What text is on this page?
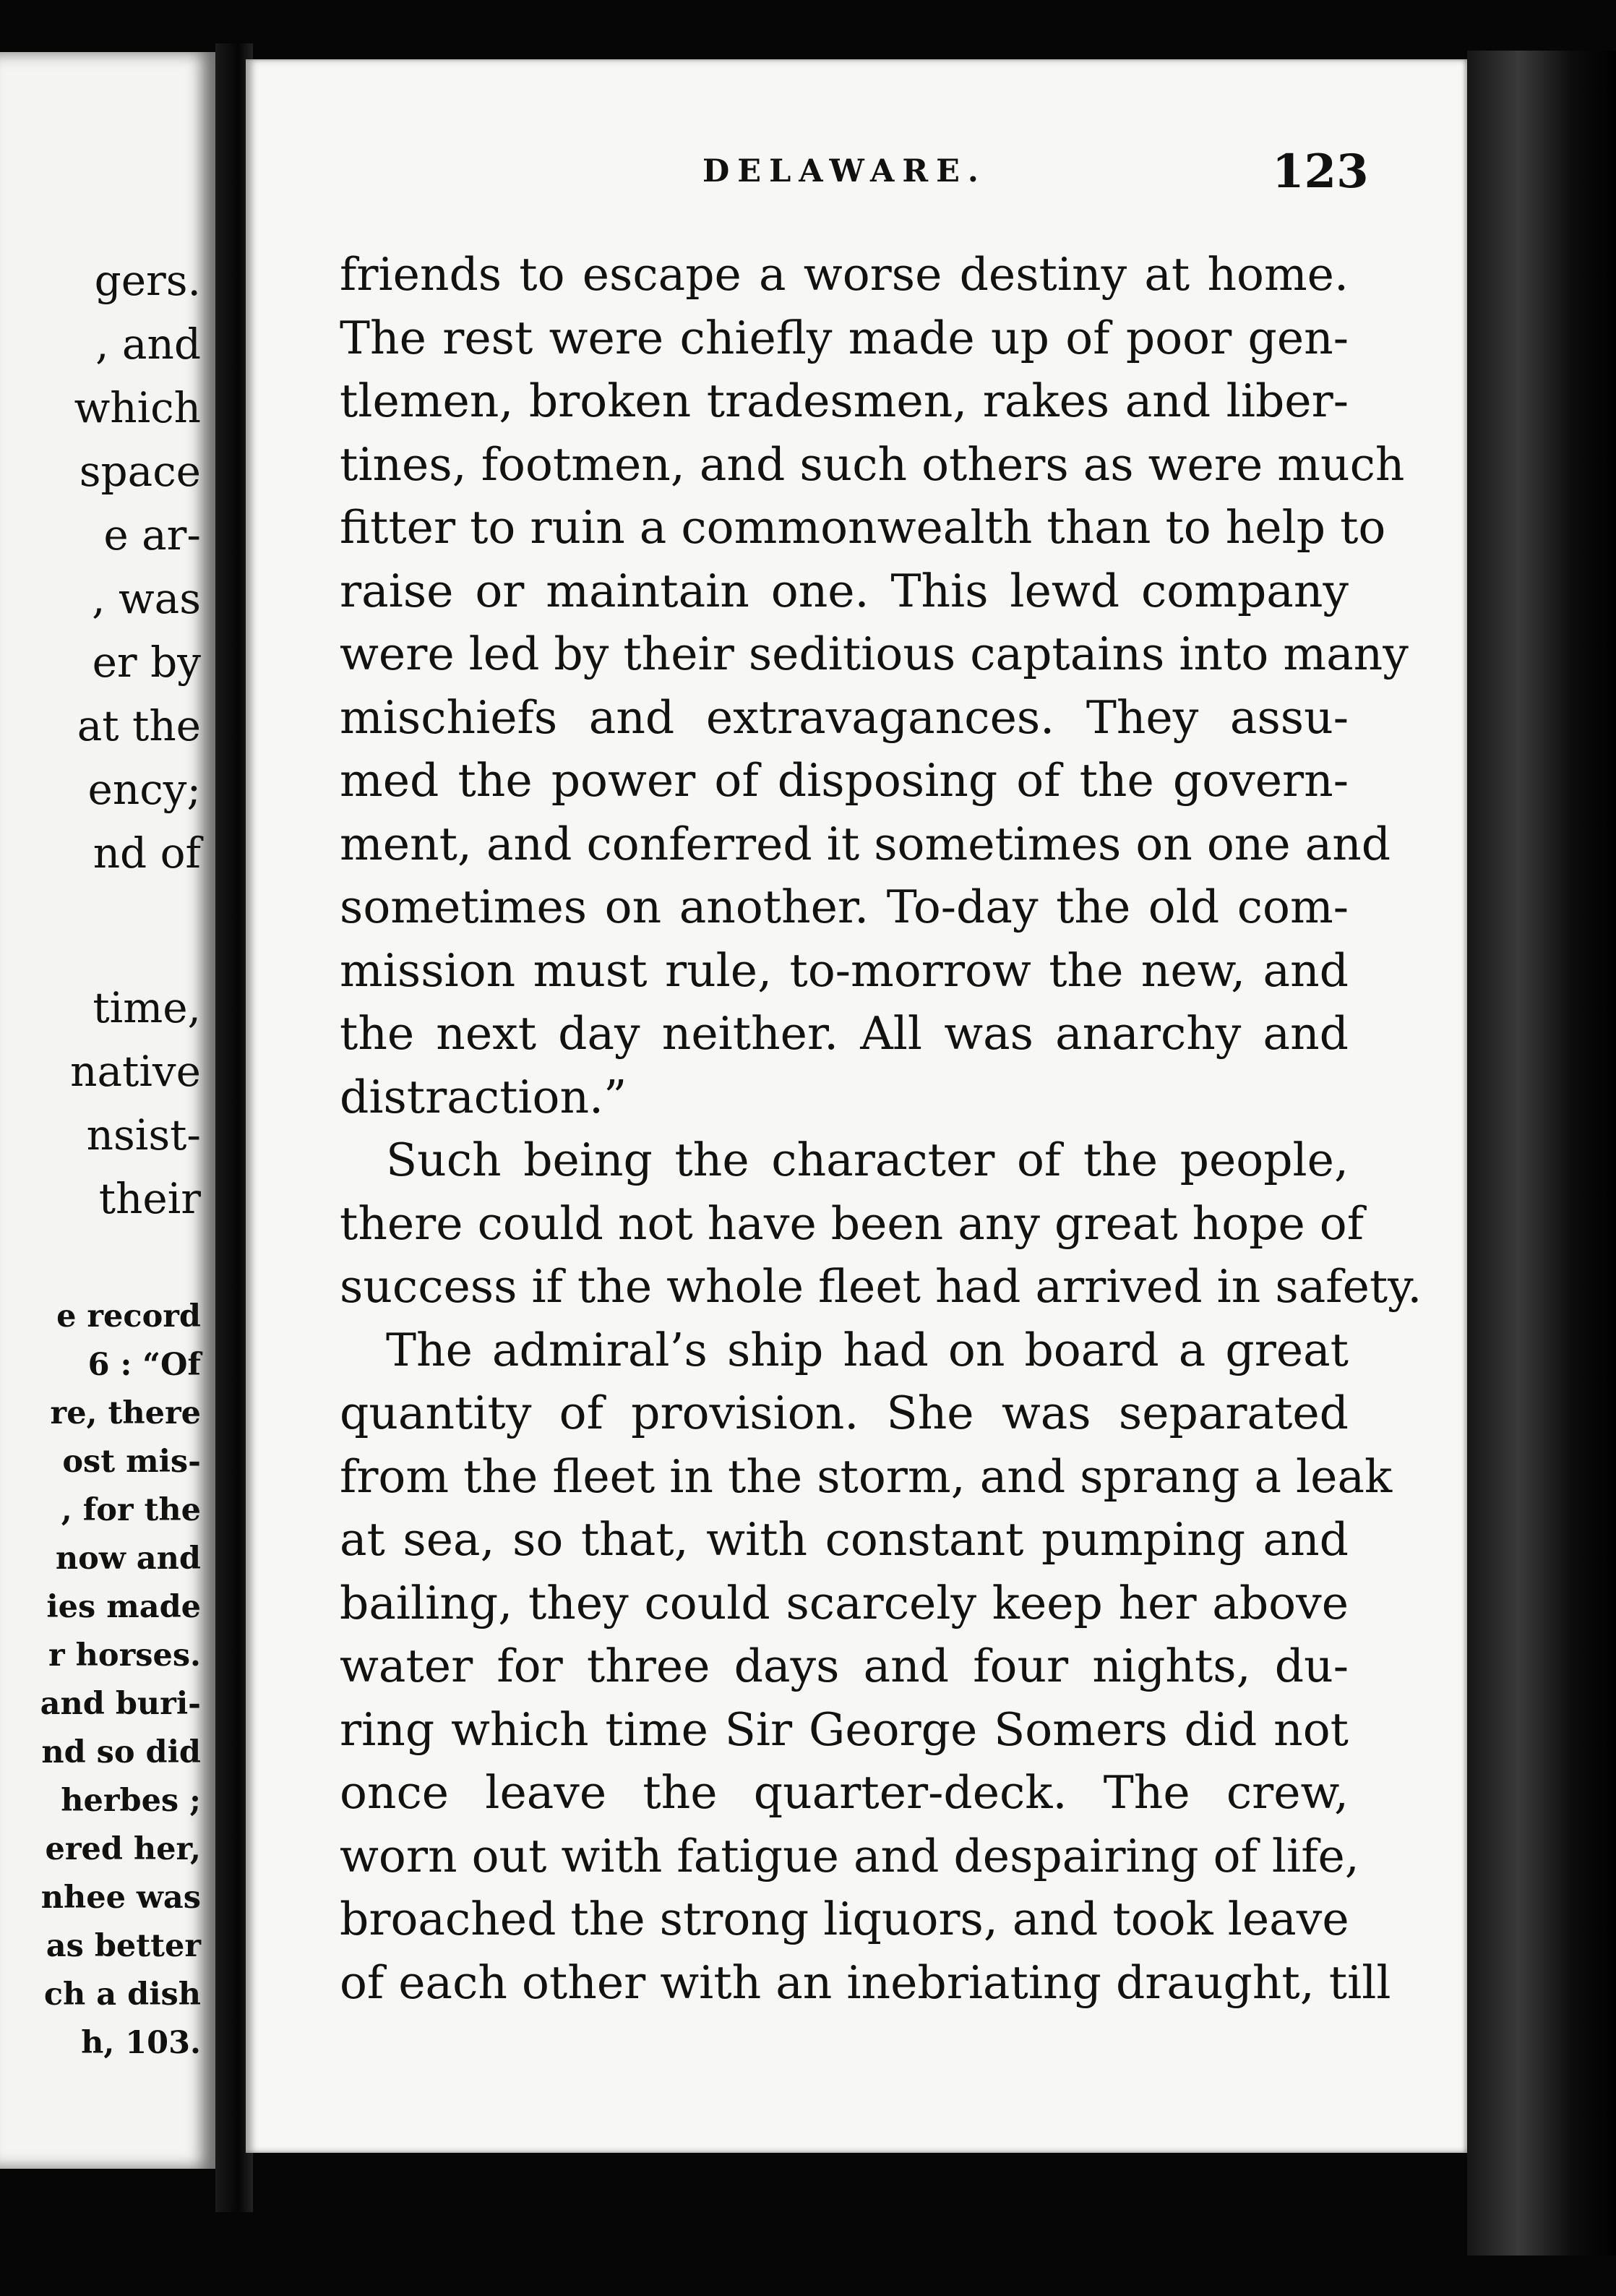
gers.
, and
which
space
e ar-
, was
er by
at the
ency;
nd of
time,
native
nsist-
their
e record
6 : “Of
re, there
ost mis-
, for the
now and
ies made
r horses.
and buri-
nd so did
herbes ;
ered her,
nhee was
as better
ch a dish
h, 103.
DELAWARE.	123
friends to escape a worse destiny at home.
The rest were chiefly made up of poor gen-
tlemen, broken tradesmen, rakes and liber-
tines, footmen, and such others as were much
fitter to ruin a commonwealth than to help to
raise or maintain one. This lewd company
were led by their seditious captains into many
mischiefs and extravagances. They assu-
med the power of disposing of the govern-
ment, and conferred it sometimes on one and
sometimes on another. To-day the old com-
mission must rule, to-morrow the new, and
the next day neither. All was anarchy and
distraction.”
Such being the character of the people,
there could not have been any great hope of
success if the whole fleet had arrived in safety.
The admiral’s ship had on board a great
quantity of provision. She was separated
from the fleet in the storm, and sprang a leak
at sea, so that, with constant pumping and
bailing, they could scarcely keep her above
water for three days and four nights, du-
ring which time Sir George Somers did not
once leave the quarter-deck. The crew,
worn out with fatigue and despairing of life,
broached the strong liquors, and took leave
of each other with an inebriating draught, till
